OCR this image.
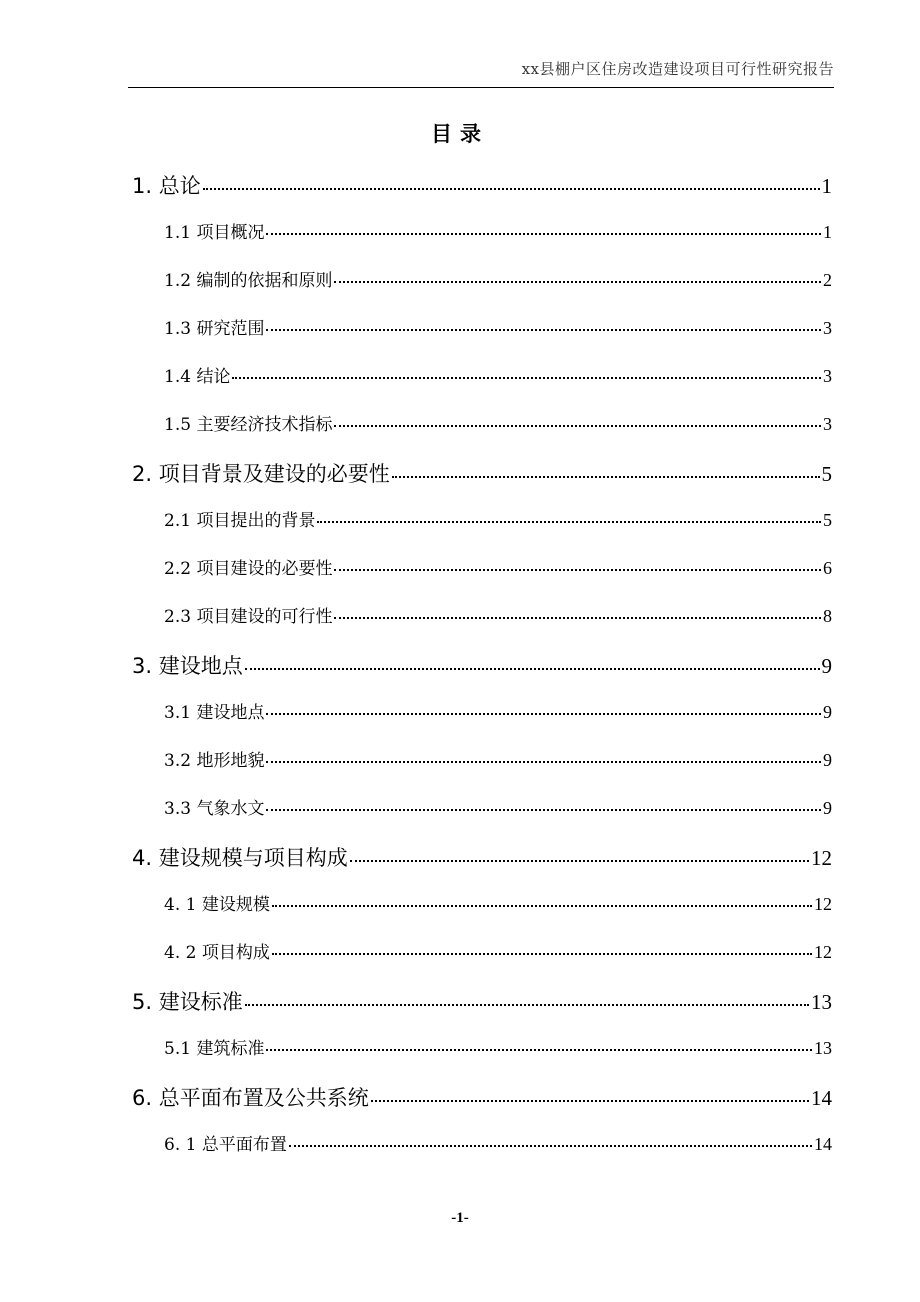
xx县棚户区住房改造建设项目可行性研究报告
目录
1. 总论	1
1.1 项目概况	1
1.2 编制的依据和原则	2
1.3 研究范围	3
1.4 结论	3
1.5 主要经济技术指标	3
2. 项目背景及建设的必要性	5
2.1 项目提出的背景	5
2.2 项目建设的必要性	6
2.3 项目建设的可行性	8
3. 建设地点	9
3.1 建设地点	9
3.2 地形地貌	9
3.3 气象水文	9
4. 建设规模与项目构成	12
4. 1 建设规模	12
4. 2 项目构成	12
5. 建设标准	13
5.1 建筑标准	13
6. 总平面布置及公共系统	14
6. 1 总平面布置	14
-1-
